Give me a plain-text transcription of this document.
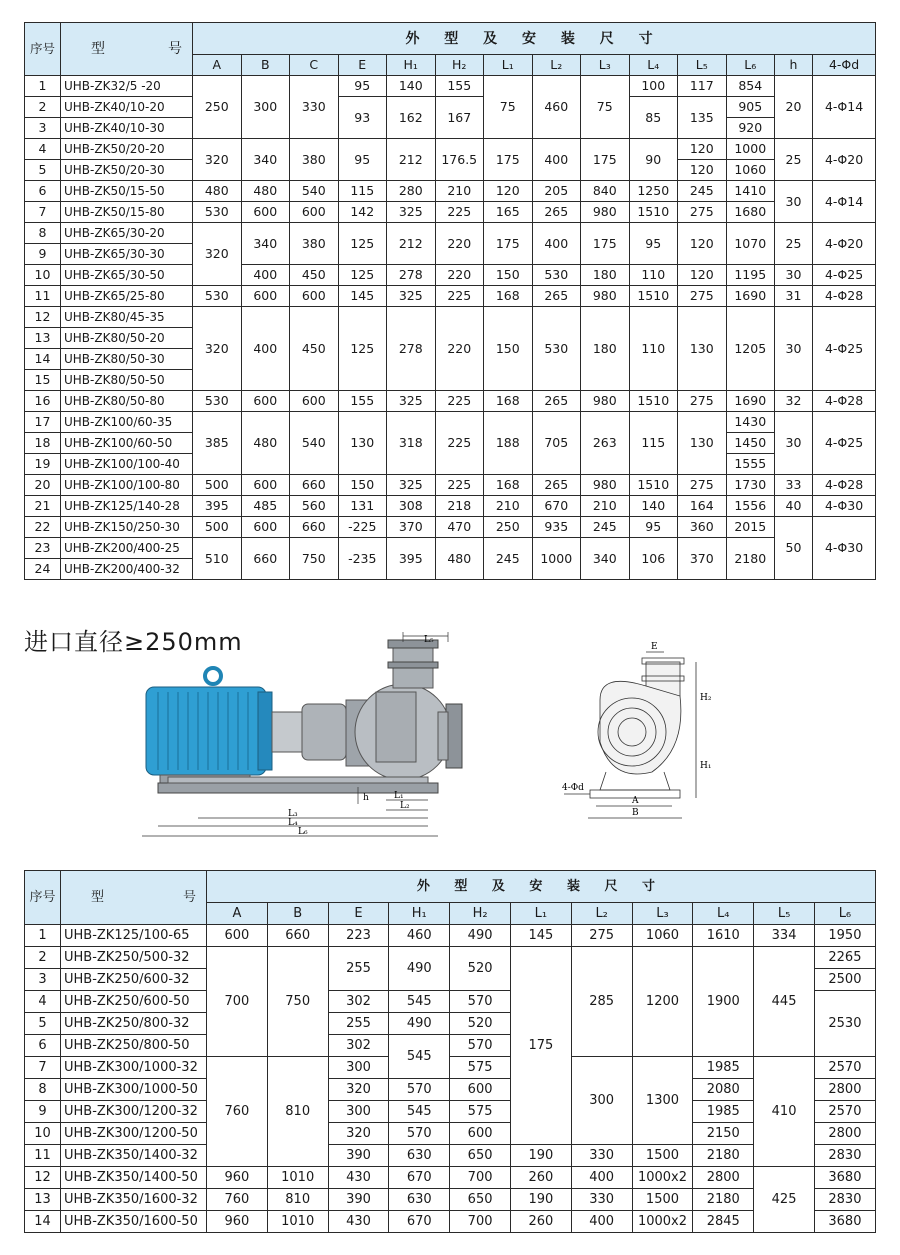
序号	号
型	外 型 及 安 装 尺 寸													
		A	B	C	E	H₁	H₂	L₁	L₂	L₃	L₄	L₅	L₆	h	4-Φd
1	UHB-ZK32/5 -20	250	300	330	95	140	155	75	460	75	100	117	854	20	4-Φ14
2	UHB-ZK40/10-20				93	162	167				85	135	905		
3	UHB-ZK40/10-30												920		
4	UHB-ZK50/20-20	320	340	380	95	212	176.5	175	400	175	90	120	1000	25	4-Φ20
5	UHB-ZK50/20-30											120	1060		
6	UHB-ZK50/15-50	480	480	540	115	280	210	120	205	840	1250	245	1410	30	4-Φ14
7	UHB-ZK50/15-80	530	600	600	142	325	225	165	265	980	1510	275	1680		
8	UHB-ZK65/30-20	320	340	380	125	212	220	175	400	175	95	120	1070	25	4-Φ20
9	UHB-ZK65/30-30														
10	UHB-ZK65/30-50		400	450	125	278	220	150	530	180	110	120	1195	30	4-Φ25
11	UHB-ZK65/25-80	530	600	600	145	325	225	168	265	980	1510	275	1690	31	4-Φ28
12	UHB-ZK80/45-35	320	400	450	125	278	220	150	530	180	110	130	1205	30	4-Φ25
13	UHB-ZK80/50-20														
14	UHB-ZK80/50-30														
15	UHB-ZK80/50-50														
16	UHB-ZK80/50-80	530	600	600	155	325	225	168	265	980	1510	275	1690	32	4-Φ28
17	UHB-ZK100/60-35	385	480	540	130	318	225	188	705	263	115	130	1430	30	4-Φ25
18	UHB-ZK100/60-50												1450		
19	UHB-ZK100/100-40												1555		
20	UHB-ZK100/100-80	500	600	660	150	325	225	168	265	980	1510	275	1730	33	4-Φ28
21	UHB-ZK125/140-28	395	485	560	131	308	218	210	670	210	140	164	1556	40	4-Φ30
22	UHB-ZK150/250-30	500	600	660	-225	370	470	250	935	245	95	360	2015	50	4-Φ30
23	UHB-ZK200/400-25	510	660	750	-235	395	480	245	1000	340	106	370	2180		
24	UHB-ZK200/400-32														
进口直径≥250mm	L₅
h	L₁
L₂
L₃
L₄
L₆
E
H₂
H₁
4-Φd
A
B
序号	号
型	外 型 及 安 装 尺 寸										
		A	B	E	H₁	H₂	L₁	L₂	L₃	L₄	L₅	L₆
1	UHB-ZK125/100-65	600	660	223	460	490	145	275	1060	1610	334	1950
2	UHB-ZK250/500-32	700	750	255	490	520	175	285	1200	1900	445	2265
3	UHB-ZK250/600-32											2500
4	UHB-ZK250/600-50			302	545	570						2530
5	UHB-ZK250/800-32			255	490	520						
6	UHB-ZK250/800-50			302	545	570						
7	UHB-ZK300/1000-32	760	810	300		575		300	1300	1985	410	2570
8	UHB-ZK300/1000-50			320	570	600				2080		2800
9	UHB-ZK300/1200-32			300	545	575				1985		2570
10	UHB-ZK300/1200-50			320	570	600				2150		2800
11	UHB-ZK350/1400-32			390	630	650	190	330	1500	2180		2830
12	UHB-ZK350/1400-50	960	1010	430	670	700	260	400	1000x2	2800	425	3680
13	UHB-ZK350/1600-32	760	810	390	630	650	190	330	1500	2180		2830
14	UHB-ZK350/1600-50	960	1010	430	670	700	260	400	1000x2	2845		3680
